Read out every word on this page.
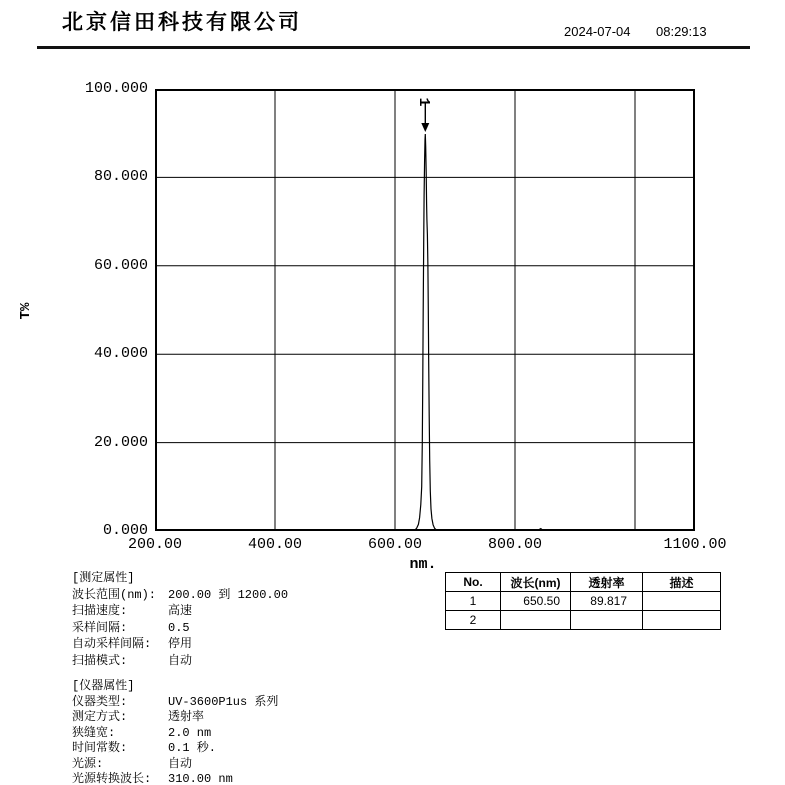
北京信田科技有限公司	2024-07-04 08:29:13
T%
100.000
80.000
60.000
40.000
20.000
0.000
200.00	400.00	600.00	800.00	1100.00
nm.
1
No.	波长(nm)	透射率	描述
1	650.50	89.817	
2			
[测定属性]
波长范围(nm): 200.00 到 1200.00
扫描速度:	高速
采样间隔:	0.5
自动采样间隔: 停用
扫描模式:	自动
[仪器属性]
仪器类型:	UV-3600P1us 系列
测定方式:	透射率
狭缝宽:	2.0 nm
时间常数:	0.1 秒.
光源:	自动
光源转换波长: 310.00 nm
